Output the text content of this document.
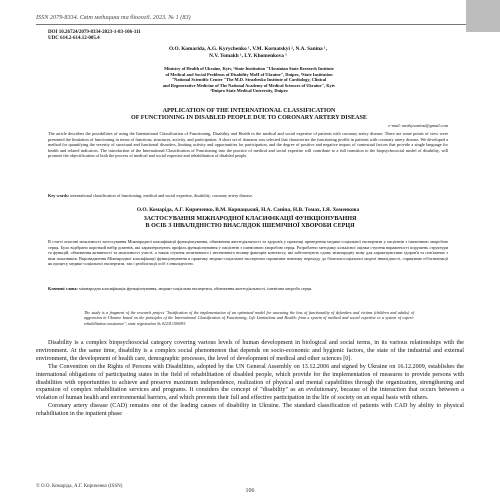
ISSN 2079-8334. Світ медицини та біології. 2023. № 1 (83)
DOI 10.26724/2079-8334-2023-1-83-106-111
UDC 614.2-614.12-005.4
O.O. Komarida, A.G. Kyrychenko ¹, V.M. Kornatskyi ², N.A. Sanina ¹,
N.V. Tomakh ¹, I.Y. Khomenkova ¹
Ministry of Health of Ukraine, Kyiv, ¹State Institution "Ukrainian State Research Institute
of Medical and Social Problems of Disability MoH of Ukraine", Dnipro, ²State Institution
"National Scientific Center "The M.D. Strazhesko Institute of Cardiology, Clinical
and Regenerative Medicine of The National Academy of Medical Sciences of Ukraine", Kyiv
³Dnipro State Medical University, Dnipro
APPLICATION OF THE INTERNATIONAL CLASSIFICATION
OF FUNCTIONING IN DISABLED PEOPLE DUE TO CORONARY ARTERY DISEASE
e-mail: medsysoninst@gmail.com
The article describes the possibilities of using the International Classification of Functioning, Disability and Health in the medical and social expertise of patients with coronary artery disease. There are some points of view were presented the limitation of functioning in terms of functions, structures, activity, and participation. A short set of domains was selected that characterize the functioning profile in patients with coronary artery disease. We developed a method for quantifying the severity of structural and functional disorders, limiting activity and opportunities for participation, and the degree of positive and negative impact of contextual factors that provide a single language for health and related indicators. The introduction of the International Classification of Functioning into the practice of medical and social expertise will contribute to a full transition to the biopsychosocial model of disability, will promote the objectification of both the process of medical and social expertise and rehabilitation of disabled people.
Key words: international classification of functioning, medical and social expertise, disability, coronary artery disease.
О.О. Комаріда, А.Г. Кириченко, В.М. Корнацький, Н.А. Саніна, Н.В. Томах, І.Я. Хоменкова
ЗАСТОСУВАННЯ МІЖНАРОДНОЇ КЛАСИФІКАЦІЇ ФУНКЦІОНУВАННЯ
В ОСІБ З ІНВАЛІДНІСТЮ ВНАСЛІДОК ІШЕМІЧНОЇ ХВОРОБИ СЕРЦЯ
В статті описані можливості застосування Міжнародної класифікації функціонування, обмеження життєдіяльності та здоров'я у практиці проведення медико-соціальної експертизи у пацієнтів з ішемічною хворобою серця. Було відібрано короткий набір доменів, які характеризують профіль функціонування у пацієнтів з ішемічною хворобою серця. Розроблено методику кількісної оцінки ступеня вираженості порушень структури та функцій, обмеження активності та можливості участі, а також ступеня позитивного і негативного впливу факторів контексту, які забезпечують єдину міжнародну мову для характеристики здоров'я та пов'язаних з ним показників. Впровадження Міжнародної класифікації функціонування в практику медико-соціальної експертизи сприятиме повному переходу до біопсихосоціальної моделі інвалідності, сприятиме об'єктивізації як процесу медико-соціальної експертизи, так і реабілітації осіб з інвалідністю.
Ключові слова: міжнародна класифікація функціонування, медико-соціальна експертиза, обмеження життєдіяльності, ішемічна хвороба серця.
The study is a fragment of the research project "Justification of the implementation of an optimized model for assessing the loss of functionality of defenders and victims (children and adults) of aggression in Ukraine based on the principles of the International Classification of Functioning, Life Limitations and Health: from a system of medical and social expertise to a system of expert-rehabilitation assistance", state registration № 0123U100093.

Disability is a complex biopsychosocial category covering various levels of human development in biological and social terms, in its various relationships with the environment. At the same time, disability is a complex social phenomenon that depends on socio-economic and hygienic factors, the state of the industrial and external environment, the development of health care, demographic processes, the level of development of medical and other sciences [0].

The Convention on the Rights of Persons with Disabilities, adopted by the UN General Assembly on 13.12.2006 and signed by Ukraine on 16.12.2009, establishes the international obligations of participating states in the field of rehabilitation of disabled people, which provide for the implementation of measures to provide persons with disabilities with opportunities to achieve and preserve maximum independence, realization of physical and mental capabilities through the organization, strengthening and expansion of complex rehabilitation services and programs. It considers the concept of "disability" as an evolutionary, because of the interaction that occurs between a violation of human health and environmental barriers, and which prevents their full and effective participation in the life of society on an equal basis with others.

Coronary artery disease (CAD) remains one of the leading causes of disability in Ukraine. The standard classification of patients with CAD by ability to physical rehabilitation in the inpatient phase

© О.О. Комаріда, А.Г. Кириченко (ISSN)
106
